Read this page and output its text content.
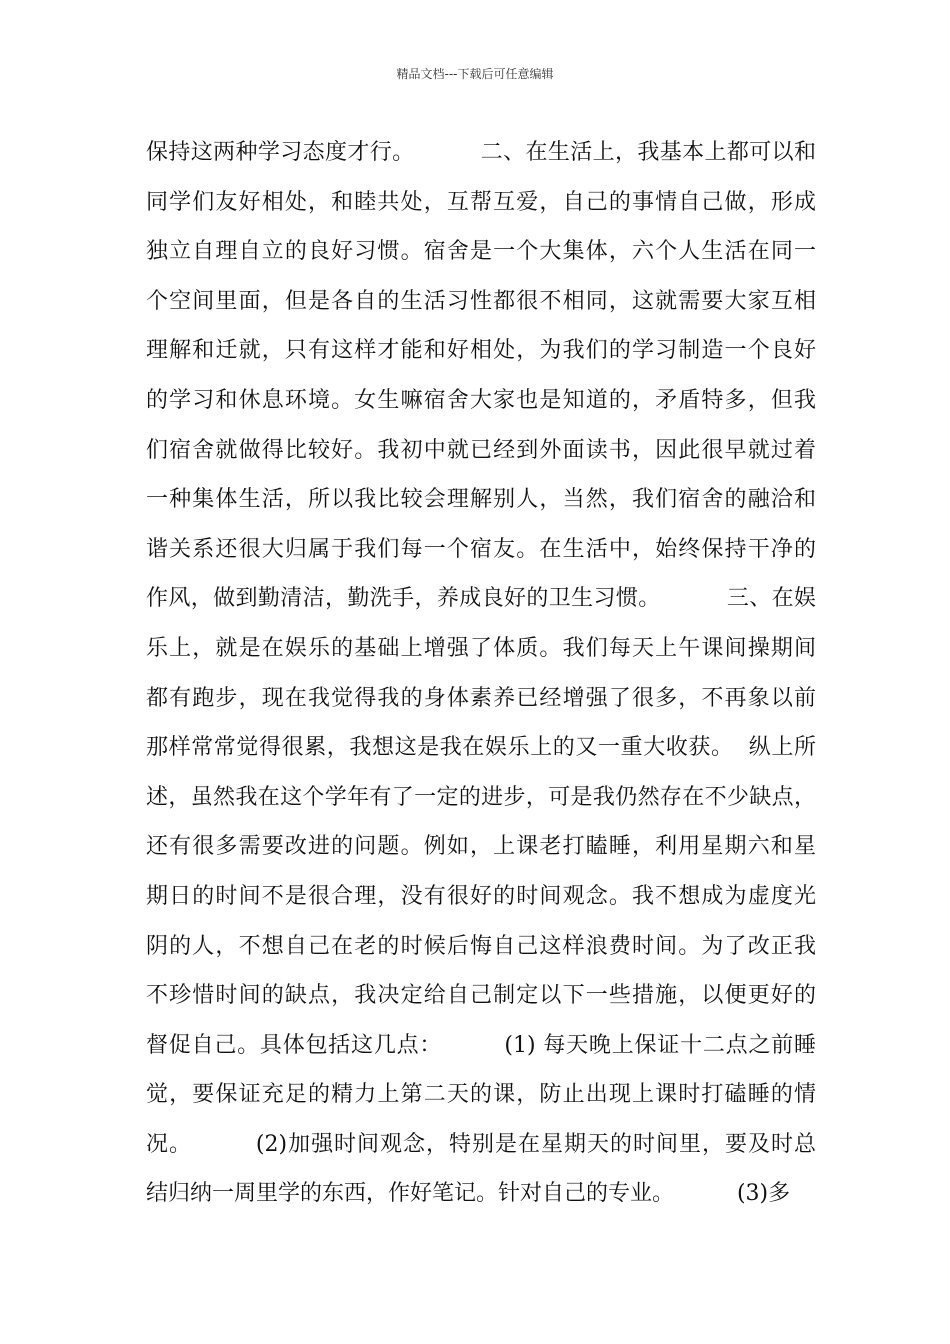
精品文档---下载后可任意编辑
保持这两种学习态度才行。         二、在生活上，我基本上都可以和
同学们友好相处，和睦共处，互帮互爱，自己的事情自己做，形成
独立自理自立的良好习惯。宿舍是一个大集体，六个人生活在同一
个空间里面，但是各自的生活习性都很不相同，这就需要大家互相
理解和迁就，只有这样才能和好相处，为我们的学习制造一个良好
的学习和休息环境。女生嘛宿舍大家也是知道的，矛盾特多，但我
们宿舍就做得比较好。我初中就已经到外面读书，因此很早就过着
一种集体生活，所以我比较会理解别人，当然，我们宿舍的融洽和
谐关系还很大归属于我们每一个宿友。在生活中，始终保持干净的
作风，做到勤清洁，勤洗手，养成良好的卫生习惯。         三、在娱
乐上，就是在娱乐的基础上增强了体质。我们每天上午课间操期间
都有跑步，现在我觉得我的身体素养已经增强了很多，不再象以前
那样常常觉得很累，我想这是我在娱乐上的又一重大收获。  纵上所
述，虽然我在这个学年有了一定的进步，可是我仍然存在不少缺点，
还有很多需要改进的问题。例如，上课老打瞌睡，利用星期六和星
期日的时间不是很合理，没有很好的时间观念。我不想成为虚度光
阴的人，不想自己在老的时候后悔自己这样浪费时间。为了改正我
不珍惜时间的缺点，我决定给自己制定以下一些措施，以便更好的
督促自己。具体包括这几点：        (1) 每天晚上保证十二点之前睡
觉，要保证充足的精力上第二天的课，防止出现上课时打磕睡的情
况。        (2)加强时间观念，特别是在星期天的时间里，要及时总
结归纳一周里学的东西，作好笔记。针对自己的专业。         (3)多
